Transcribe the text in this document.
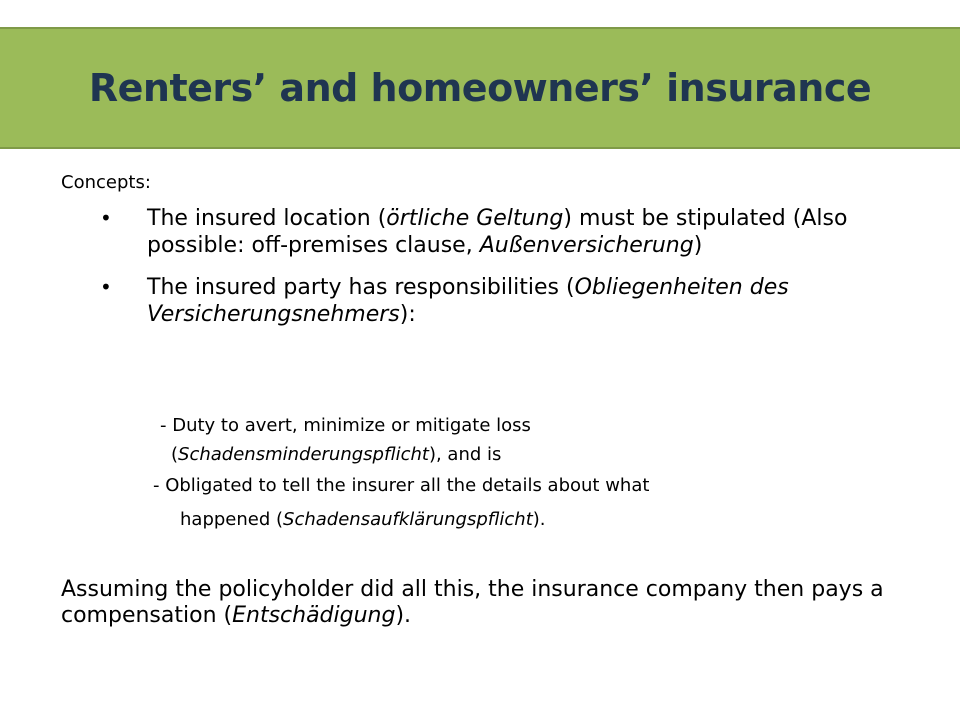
Renters’ and homeowners’ insurance
Concepts:
• The insured location (örtliche Geltung) must be stipulated (Also possible: off-premises clause, Außenversicherung)
• The insured party has responsibilities (Obliegenheiten des Versicherungsnehmers):
- Duty to avert, minimize or mitigate loss
(Schadensminderungspflicht), and is
- Obligated to tell the insurer all the details about what
happened (Schadensaufklärungspflicht).
Assuming the policyholder did all this, the insurance company then pays a compensation (Entschädigung).
